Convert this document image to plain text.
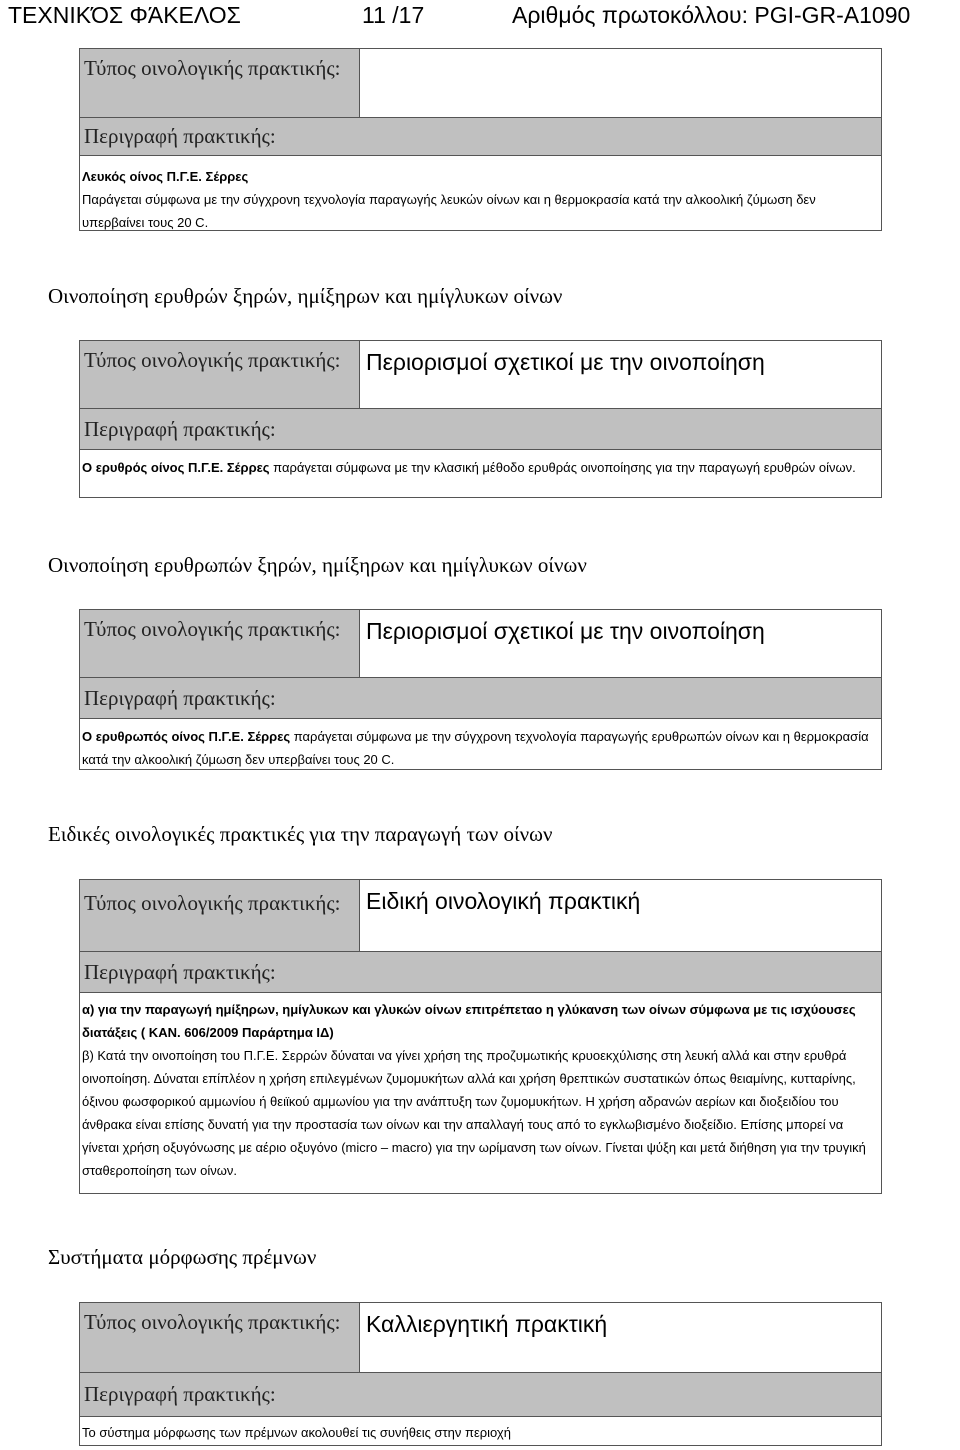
ΤΕΧΝΙΚΌΣ ΦΆΚΕΛΟΣ	11 /17	Αριθμός πρωτοκόλλου: PGI-GR-A1090
Τύπος οινολογικής πρακτικής:
Περιγραφή πρακτικής:
Λευκός οίνος Π.Γ.Ε. Σέρρες
Παράγεται σύμφωνα με την σύγχρονη τεχνολογία παραγωγής λευκών οίνων και η θερμοκρασία κατά την αλκοολική ζύμωση δεν υπερβαίνει τους 20 C.
Οινοποίηση ερυθρών ξηρών, ημίξηρων και ημίγλυκων οίνων
Τύπος οινολογικής πρακτικής:	Περιορισμοί σχετικοί με την οινοποίηση
Περιγραφή πρακτικής:
Ο ερυθρός οίνος Π.Γ.Ε. Σέρρες παράγεται σύμφωνα με την κλασική μέθοδο ερυθράς οινοποίησης για την παραγωγή ερυθρών οίνων.
Οινοποίηση ερυθρωπών ξηρών, ημίξηρων και ημίγλυκων οίνων
Τύπος οινολογικής πρακτικής:	Περιορισμοί σχετικοί με την οινοποίηση
Περιγραφή πρακτικής:
Ο ερυθρωπός οίνος Π.Γ.Ε. Σέρρες παράγεται σύμφωνα με την σύγχρονη τεχνολογία παραγωγής ερυθρωπών οίνων και η θερμοκρασία κατά την αλκοολική ζύμωση δεν υπερβαίνει τους 20 C.
Ειδικές οινολογικές πρακτικές για την παραγωγή των οίνων
Τύπος οινολογικής πρακτικής:	Ειδική οινολογική πρακτική
Περιγραφή πρακτικής:
α) για την παραγωγή ημίξηρων, ημίγλυκων και γλυκών οίνων επιτρέπεταο η γλύκανση των οίνων σύμφωνα με τις ισχύουσες διατάξεις ( ΚΑΝ. 606/2009 Παράρτημα ΙΔ)
β) Κατά την οινοποίηση του Π.Γ.Ε. Σερρών δύναται να γίνει χρήση της προζυμωτικής κρυοεκχύλισης στη λευκή αλλά και στην ερυθρά οινοποίηση. Δύναται επίπλέον η χρήση επιλεγμένων ζυμομυκήτων αλλά και χρήση θρεπτικών συστατικών όπως θειαμίνης, κυτταρίνης, όξινου φωσφορικού αμμωνίου ή θειϊκού αμμωνίου για την ανάπτυξη των ζυμομυκήτων. Η χρήση αδρανών αερίων και διοξειδίου του άνθρακα είναι επίσης δυνατή για την προστασία των οίνων και την απαλλαγή τους από το εγκλωβισμένο διοξείδιο. Επίσης μπορεί να γίνεται χρήση οξυγόνωσης με αέριο οξυγόνο (micro – macro) για την ωρίμανση των οίνων. Γίνεται ψύξη και μετά διήθηση για την τρυγική σταθεροποίηση των οίνων.
Συστήματα μόρφωσης πρέμνων
Τύπος οινολογικής πρακτικής:	Καλλιεργητική πρακτική
Περιγραφή πρακτικής:
Το σύστημα μόρφωσης των πρέμνων ακολουθεί τις συνήθεις στην περιοχή
